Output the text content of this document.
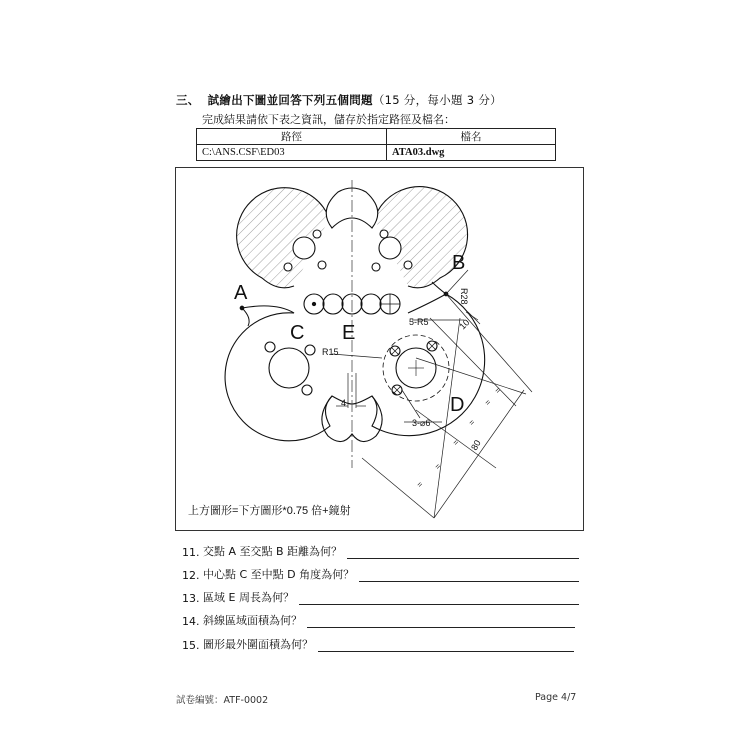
三、 試繪出下圖並回答下列五個問題（15 分，每小題 3 分）
完成結果請依下表之資訊，儲存於指定路徑及檔名：
路徑	檔名
C:\ANS.CSF\ED03	ATA03.dwg
A
B
C E
D
R28
5-R5
R15
3-⌀6
10
4
80
=
=
=
=
=
=
上方圖形=下方圖形*0.75 倍+鏡射
11.
交點 A 至交點 B 距離為何？
12.
中心點 C 至中點 D 角度為何？
13.
區域 E 周長為何？
14.
斜線區域面積為何？
15.
圖形最外圍面積為何？
試卷編號：ATF-0002	Page 4/7
